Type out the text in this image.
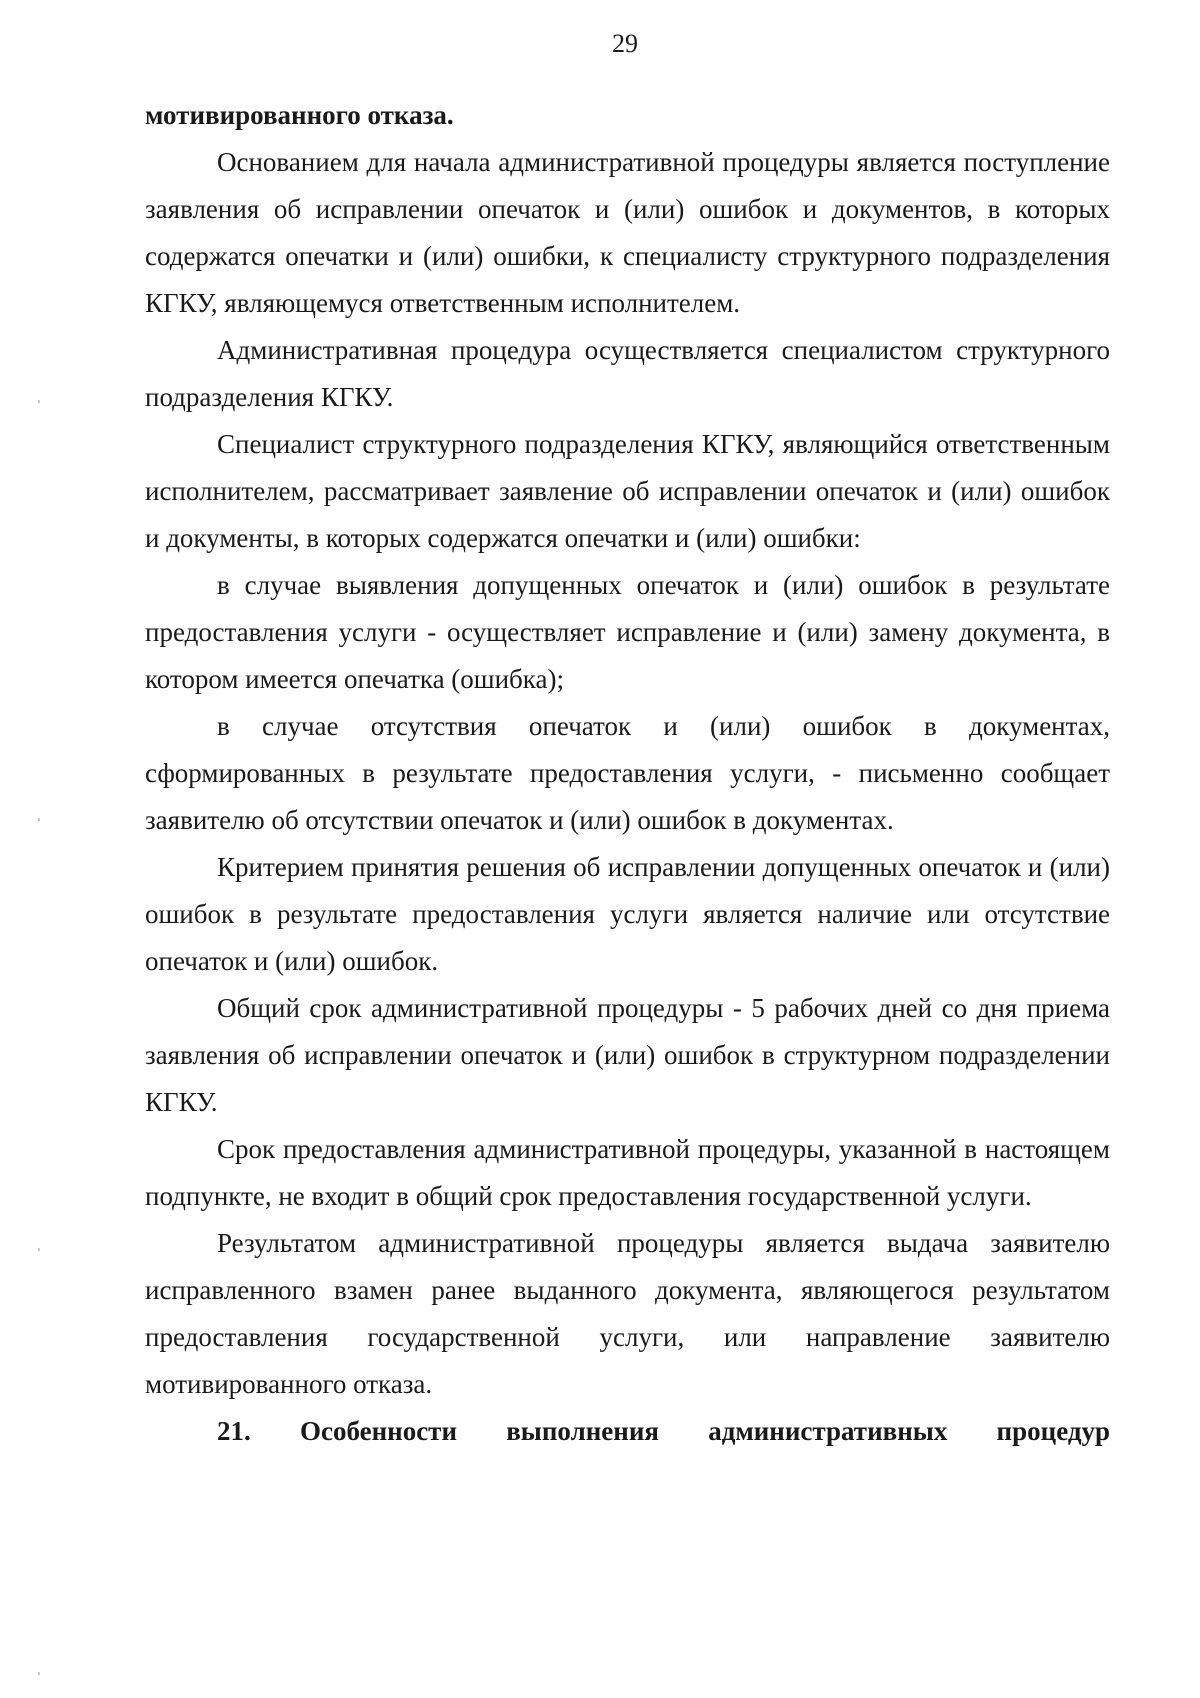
29

мотивированного отказа.

Основанием для начала административной процедуры является поступление заявления об исправлении опечаток и (или) ошибок и документов, в которых содержатся опечатки и (или) ошибки, к специалисту структурного подразделения КГКУ, являющемуся ответственным исполнителем.

Административная процедура осуществляется специалистом структурного подразделения КГКУ.

Специалист структурного подразделения КГКУ, являющийся ответственным исполнителем, рассматривает заявление об исправлении опечаток и (или) ошибок и документы, в которых содержатся опечатки и (или) ошибки:

в случае выявления допущенных опечаток и (или) ошибок в результате предоставления услуги - осуществляет исправление и (или) замену документа, в котором имеется опечатка (ошибка);

в случае отсутствия опечаток и (или) ошибок в документах, сформированных в результате предоставления услуги, - письменно сообщает заявителю об отсутствии опечаток и (или) ошибок в документах.

Критерием принятия решения об исправлении допущенных опечаток и (или) ошибок в результате предоставления услуги является наличие или отсутствие опечаток и (или) ошибок.

Общий срок административной процедуры - 5 рабочих дней со дня приема заявления об исправлении опечаток и (или) ошибок в структурном подразделении КГКУ.

Срок предоставления административной процедуры, указанной в настоящем подпункте, не входит в общий срок предоставления государственной услуги.

Результатом административной процедуры является выдача заявителю исправленного взамен ранее выданного документа, являющегося результатом предоставления государственной услуги, или направление заявителю мотивированного отказа.

21. Особенности выполнения административных процедур
